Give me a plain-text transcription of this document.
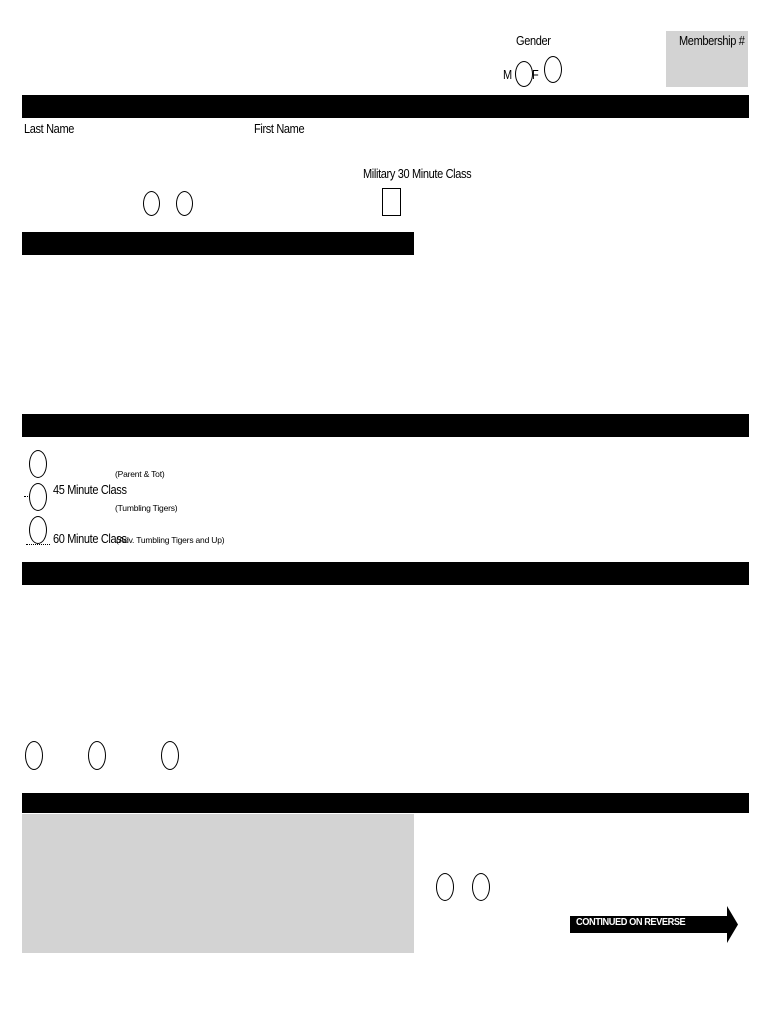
Gender
M F
Membership #
Last Name	First Name
Military 30 Minute Class
(Parent & Tot)
45 Minute Class
(Tumbling Tigers)
60 Minute Class
(Adv. Tumbling Tigers and Up)
CONTINUED ON REVERSE
